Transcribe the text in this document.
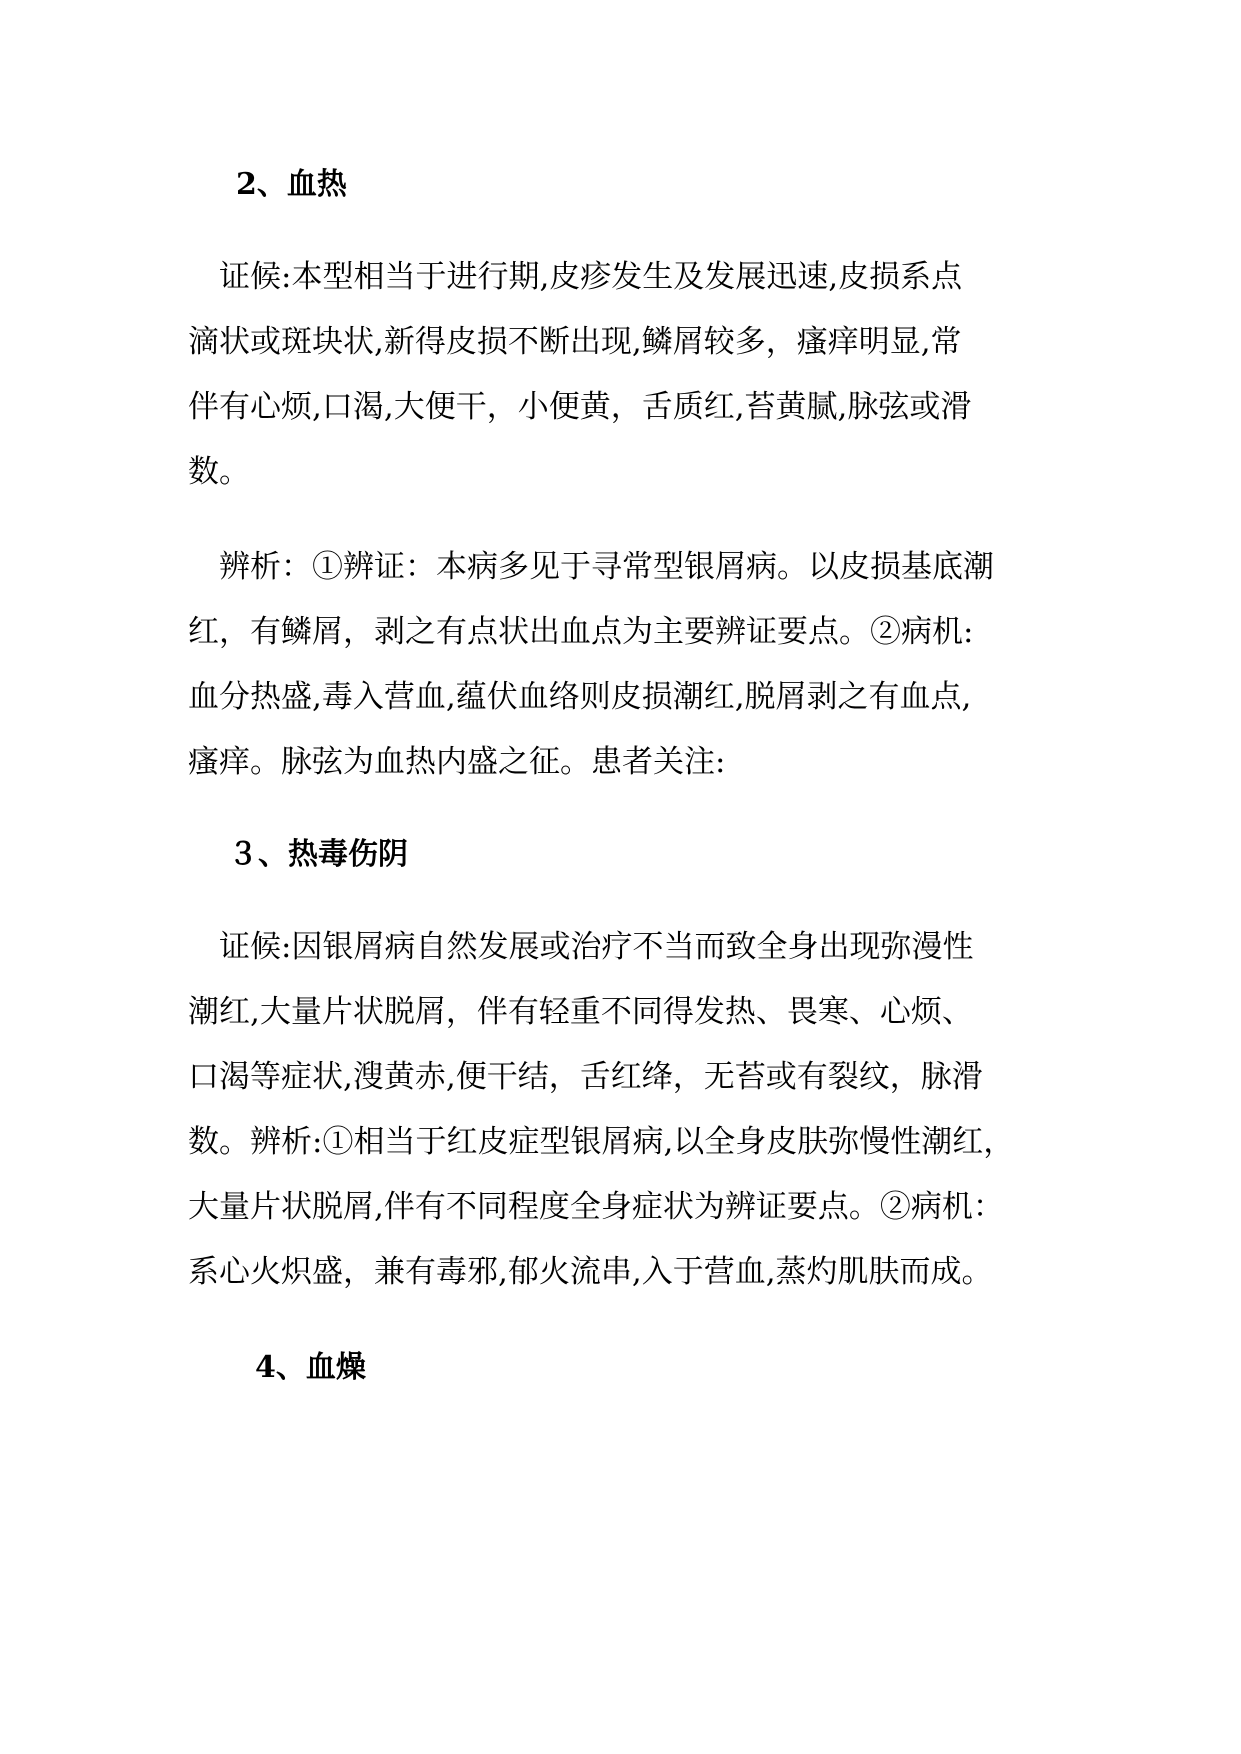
2、血热
　证候:本型相当于进行期,皮疹发生及发展迅速,皮损系点
滴状或斑块状,新得皮损不断出现,鳞屑较多，瘙痒明显,常
伴有心烦,口渴,大便干，小便黄，舌质红,苔黄腻,脉弦或滑
数。
　辨析：①辨证：本病多见于寻常型银屑病。以皮损基底潮
红，有鳞屑，剥之有点状出血点为主要辨证要点。②病机:
血分热盛,毒入营血,蕴伏血络则皮损潮红,脱屑剥之有血点,
瘙痒。脉弦为血热内盛之征。患者关注:
３、热毒伤阴
　证候:因银屑病自然发展或治疗不当而致全身出现弥漫性
潮红,大量片状脱屑，伴有轻重不同得发热、畏寒、心烦、
口渴等症状,溲黄赤,便干结，舌红绛，无苔或有裂纹，脉滑
数。辨析:①相当于红皮症型银屑病,以全身皮肤弥慢性潮红，
大量片状脱屑,伴有不同程度全身症状为辨证要点。②病机：
系心火炽盛，兼有毒邪,郁火流串,入于营血,蒸灼肌肤而成。
4、血燥
